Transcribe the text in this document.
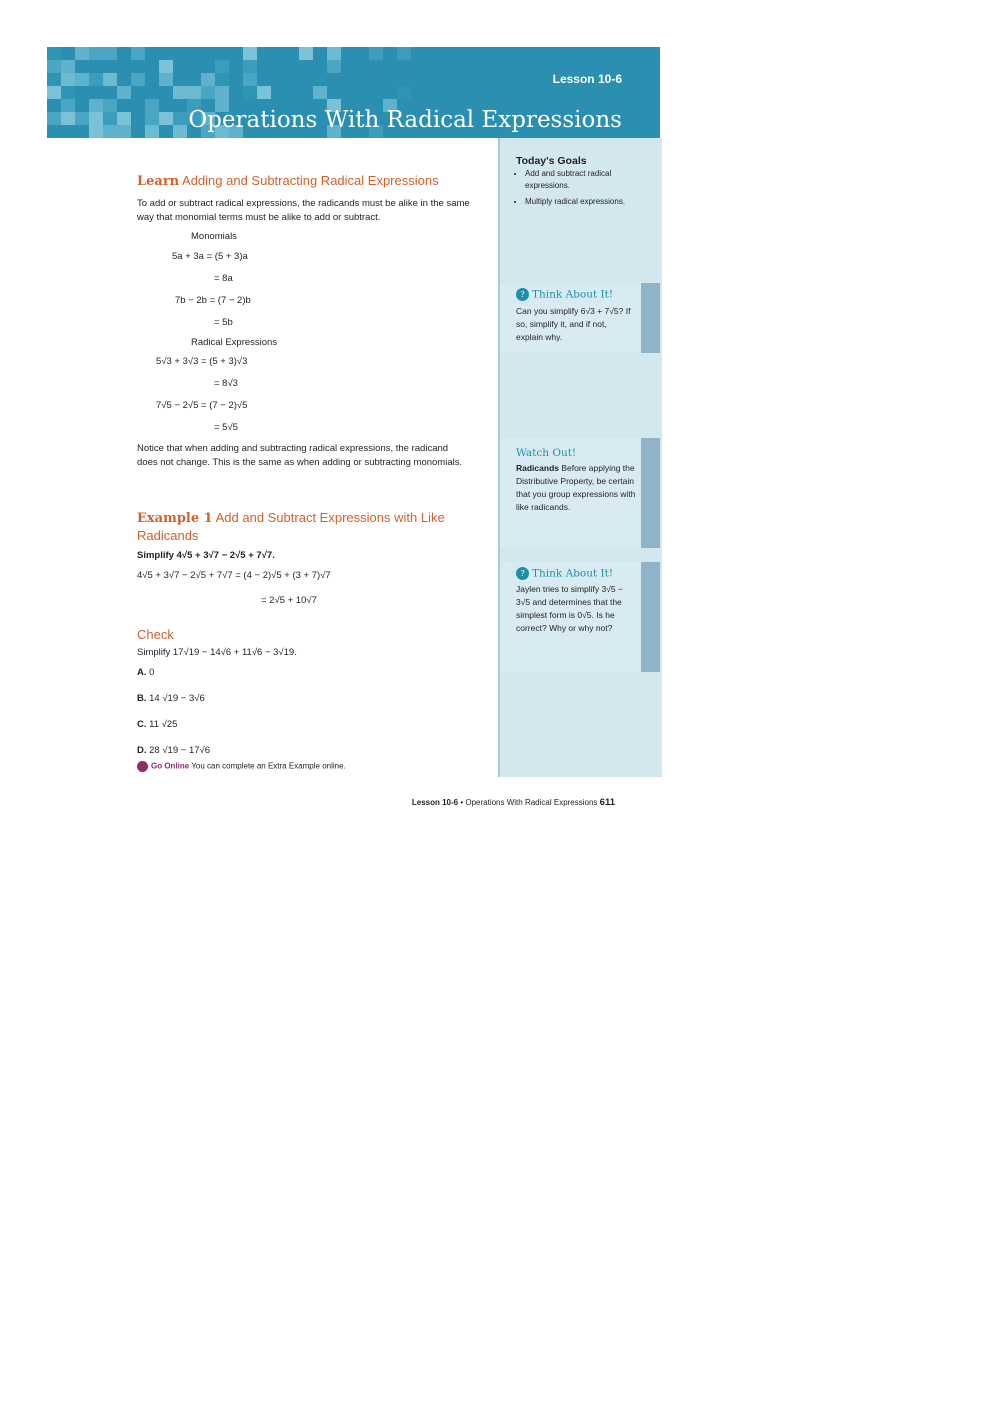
Lesson 10-6
Operations With Radical Expressions
Learn Adding and Subtracting Radical Expressions
To add or subtract radical expressions, the radicands must be alike in the same way that monomial terms must be alike to add or subtract.
Monomials
5a + 3a = (5 + 3)a
= 8a
7b − 2b = (7 − 2)b
= 5b
Radical Expressions
5√3 + 3√3 = (5 + 3)√3
= 8√3
7√5 − 2√5 = (7 − 2)√5
= 5√5
Notice that when adding and subtracting radical expressions, the radicand does not change. This is the same as when adding or subtracting monomials.
Example 1 Add and Subtract Expressions with Like Radicands
Simplify 4√5 + 3√7 − 2√5 + 7√7.
4√5 + 3√7 − 2√5 + 7√7 = (4 − 2)√5 + (3 + 7)√7
= 2√5 + 10√7
Check
Simplify 17√19 − 14√6 + 11√6 − 3√19.
A. 0
B. 14 √19 − 3√6
C. 11 √25
D. 28 √19 − 17√6
Go Online You can complete an Extra Example online.
Today's Goals
• Add and subtract radical expressions.
• Multiply radical expressions.
? Think About It!
Can you simplify 6√3 + 7√5? If so, simplify it, and if not, explain why.
Watch Out!
Radicands Before applying the Distributive Property, be certain that you group expressions with like radicands.
? Think About It!
Jaylen tries to simplify 3√5 − 3√5 and determines that the simplest form is 0√5. Is he correct? Why or why not?
Lesson 10-6 • Operations With Radical Expressions 611
